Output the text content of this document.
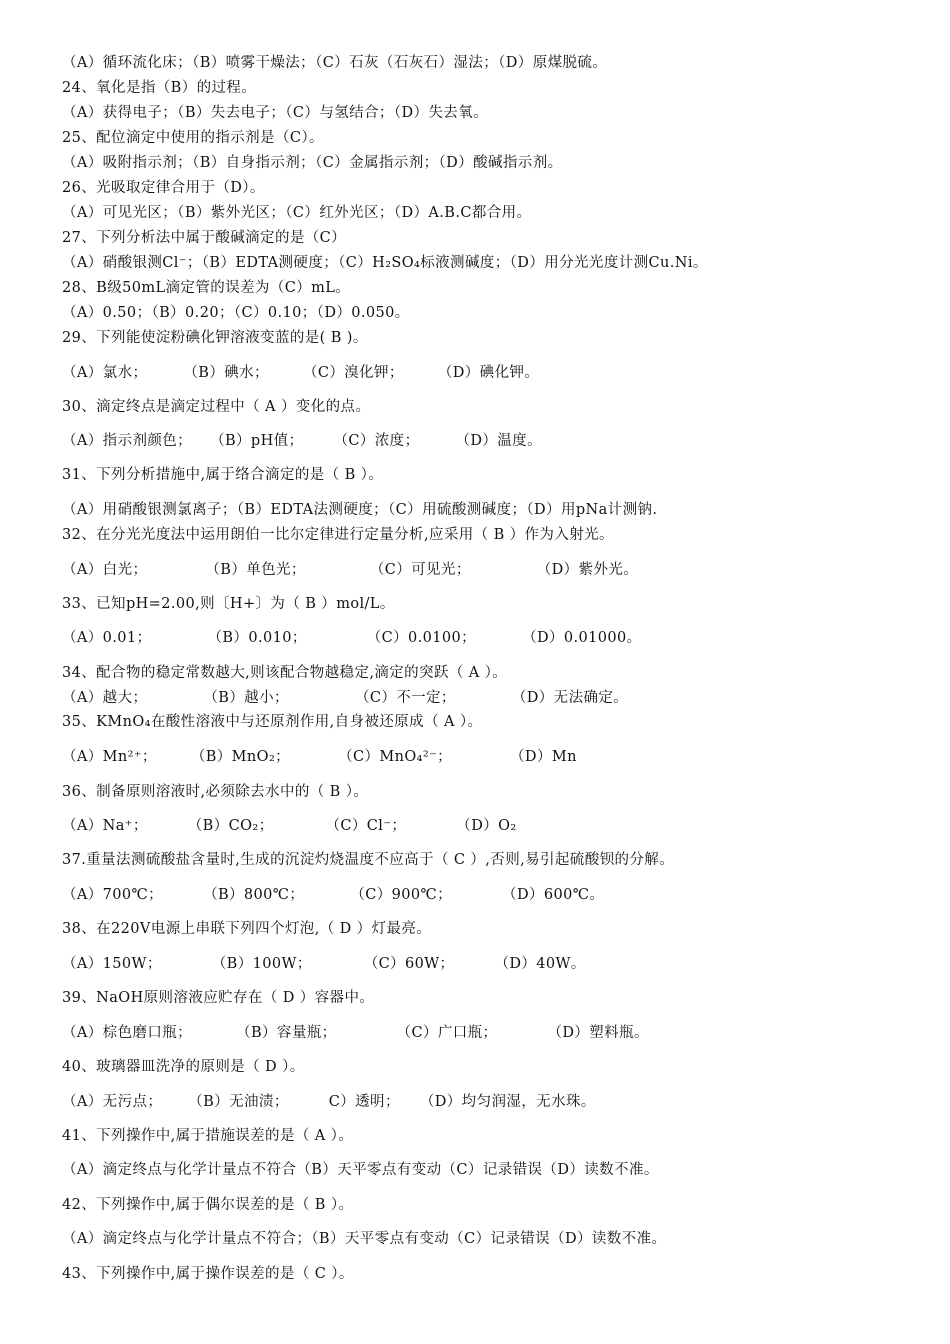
（A）循环流化床；（B）喷雾干燥法；（C）石灰（石灰石）湿法；（D）原煤脱硫。
24、氧化是指（B）的过程。
（A）获得电子；（B）失去电子；（C）与氢结合；（D）失去氧。
25、配位滴定中使用的指示剂是（C）。
（A）吸附指示剂；（B）自身指示剂；（C）金属指示剂；（D）酸碱指示剂。
26、光吸取定律合用于（D）。
（A）可见光区；（B）紫外光区；（C）红外光区；（D）A.B.C都合用。
27、下列分析法中属于酸碱滴定的是（C）
（A）硝酸银测Cl⁻；（B）EDTA测硬度；（C）H₂SO₄标液测碱度；（D）用分光光度计测Cu.Ni。
28、B级50mL滴定管的误差为（C）mL。
（A）0.50；（B）0.20；（C）0.10；（D）0.050。
29、下列能使淀粉碘化钾溶液变蓝的是( B )。
（A）氯水； （B）碘水； （C）溴化钾； （D）碘化钾。
30、滴定终点是滴定过程中（ A ）变化的点。
（A）指示剂颜色； （B）pH值； （C）浓度； （D）温度。
31、下列分析措施中,属于络合滴定的是（ B ）。
（A）用硝酸银测氯离子；（B）EDTA法测硬度；（C）用硫酸测碱度；（D）用pNa计测钠.
32、在分光光度法中运用朗伯一比尔定律进行定量分析,应采用（ B ）作为入射光。
（A）白光；	（B）单色光；	（C）可见光；	（D）紫外光。
33、已知pH=2.00,则〔H+〕为（ B ）mol/L。
（A）0.01；	（B）0.010；	（C）0.0100；	（D）0.01000。
34、配合物的稳定常数越大,则该配合物越稳定,滴定的突跃（ A ）。
（A）越大；	（B）越小；	（C）不一定；	（D）无法确定。
35、KMnO₄在酸性溶液中与还原剂作用,自身被还原成（ A ）。
（A）Mn²⁺； （B）MnO₂；	（C）MnO₄²⁻；	（D）Mn
36、制备原则溶液时,必须除去水中的（ B ）。
（A）Na⁺；	（B）CO₂；	（C）Cl⁻；	（D）O₂
37.重量法测硫酸盐含量时,生成的沉淀灼烧温度不应高于（ C ）,否则,易引起硫酸钡的分解。
（A）700℃；	（B）800℃；	（C）900℃；	（D）600℃。
38、在220V电源上串联下列四个灯泡,（ D ）灯最亮。
（A）150W；	（B）100W；	（C）60W；	（D）40W。
39、NaOH原则溶液应贮存在（ D ）容器中。
（A）棕色磨口瓶；	（B）容量瓶；	（C）广口瓶；	（D）塑料瓶。
40、玻璃器皿洗净的原则是（ D ）。
（A）无污点； （B）无油渍；	C）透明； （D）均匀润湿，无水珠。
41、下列操作中,属于措施误差的是（ A ）。
（A）滴定终点与化学计量点不符合（B）天平零点有变动（C）记录错误（D）读数不准。
42、下列操作中,属于偶尔误差的是（ B ）。
（A）滴定终点与化学计量点不符合；（B）天平零点有变动（C）记录错误（D）读数不准。
43、下列操作中,属于操作误差的是（ C ）。
